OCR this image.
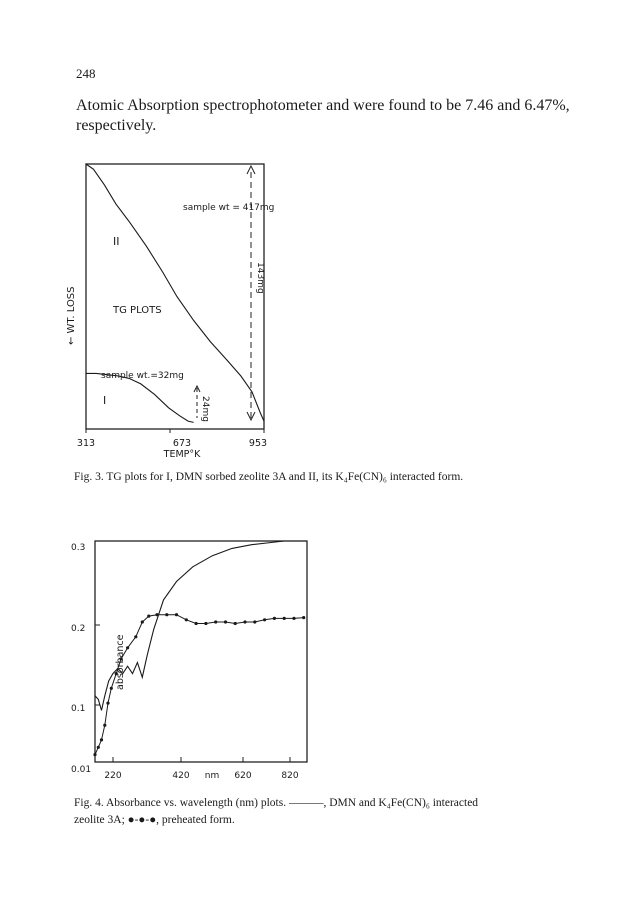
248
Atomic Absorption spectrophotometer and were found to be 7.46 and 6.47%,
respectively.
sample wt = 417mg
sample wt.=32mg
II
I
TG PLOTS
143mg
24mg
← WT. LOSS
313	673	953
TEMP°K
Fig. 3. TG plots for I, DMN sorbed zeolite 3A and II, its K₄Fe(CN)₆ interacted form.
0.3
0.2
0.1
0.01
220	420	620	820
nm
absorbance
Fig. 4. Absorbance vs. wavelength (nm) plots. ———, DMN and K₄Fe(CN)₆ interacted
zeolite 3A; ●-●-●, preheated form.
